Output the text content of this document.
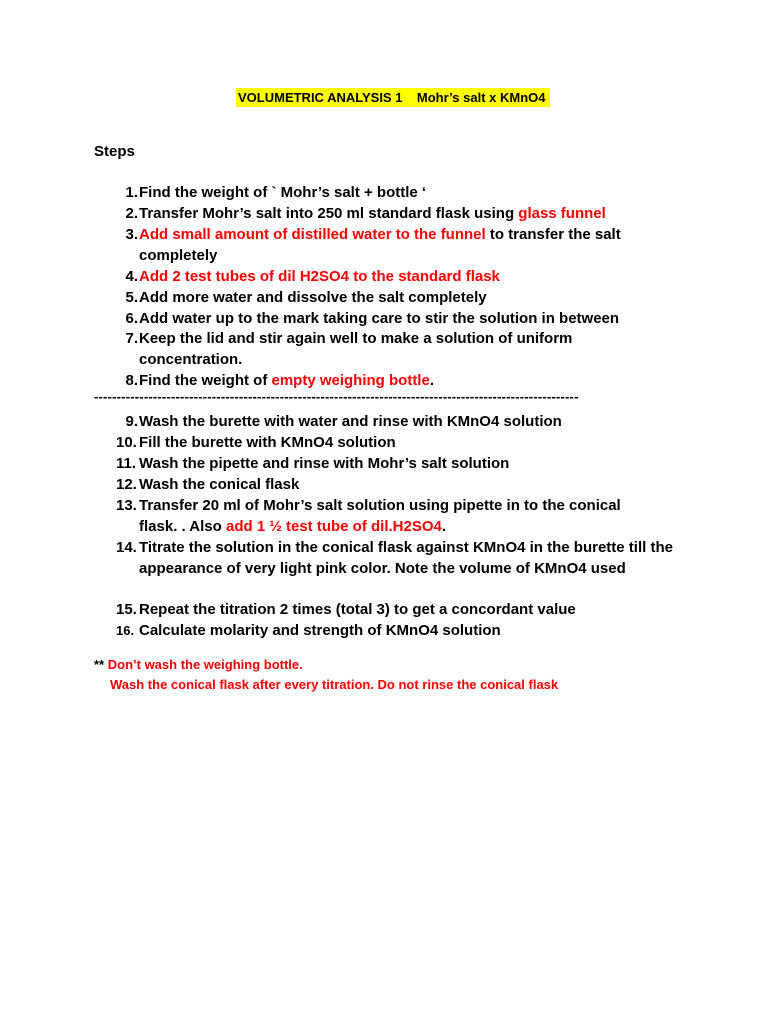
VOLUMETRIC ANALYSIS 1    Mohr’s salt x KMnO4
Steps
1. Find the weight of ` Mohr’s salt + bottle ‘
2. Transfer Mohr’s salt into 250 ml standard flask using glass funnel
3. Add small amount of distilled water to the funnel to transfer the salt completely
4. Add 2 test tubes of dil H2SO4 to the standard flask
5. Add more water and dissolve the salt completely
6. Add water up to the mark taking care to stir the solution in between
7. Keep the lid and stir again well to make a solution of uniform concentration.
8. Find the weight of empty weighing bottle.
-----------------------------------------------------------------------------------------------------------
9. Wash the burette with water and rinse with KMnO4 solution
10. Fill the burette with KMnO4 solution
11. Wash the pipette and rinse with Mohr’s salt solution
12. Wash the conical flask
13. Transfer 20 ml of Mohr’s salt solution using pipette in to the conical flask. . Also add 1 ½ test tube of dil.H2SO4.
14. Titrate the solution in the conical flask against KMnO4 in the burette till the appearance of very light pink color. Note the volume of KMnO4 used
15. Repeat the titration 2 times (total 3) to get a concordant value
16. Calculate molarity and strength of KMnO4 solution
** Don’t wash the weighing bottle.
Wash the conical flask after every titration. Do not rinse the conical flask
